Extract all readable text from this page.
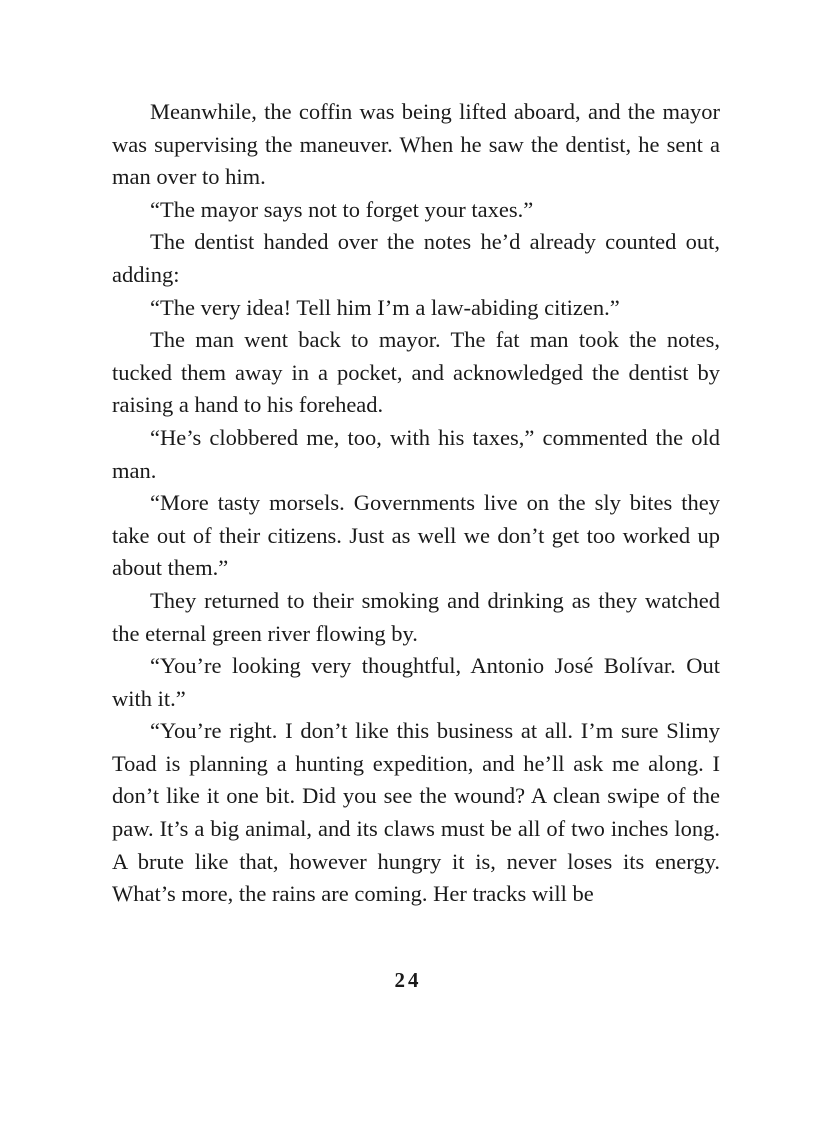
Meanwhile, the coffin was being lifted aboard, and the mayor was supervising the maneuver. When he saw the dentist, he sent a man over to him.

“The mayor says not to forget your taxes.”

The dentist handed over the notes he’d already counted out, adding:

“The very idea! Tell him I’m a law-abiding citizen.”

The man went back to mayor. The fat man took the notes, tucked them away in a pocket, and acknowledged the dentist by raising a hand to his forehead.

“He’s clobbered me, too, with his taxes,” commented the old man.

“More tasty morsels. Governments live on the sly bites they take out of their citizens. Just as well we don’t get too worked up about them.”

They returned to their smoking and drinking as they watched the eternal green river flowing by.

“You’re looking very thoughtful, Antonio José Bolívar. Out with it.”

“You’re right. I don’t like this business at all. I’m sure Slimy Toad is planning a hunting expedition, and he’ll ask me along. I don’t like it one bit. Did you see the wound? A clean swipe of the paw. It’s a big animal, and its claws must be all of two inches long. A brute like that, however hungry it is, never loses its energy. What’s more, the rains are coming. Her tracks will be

24
